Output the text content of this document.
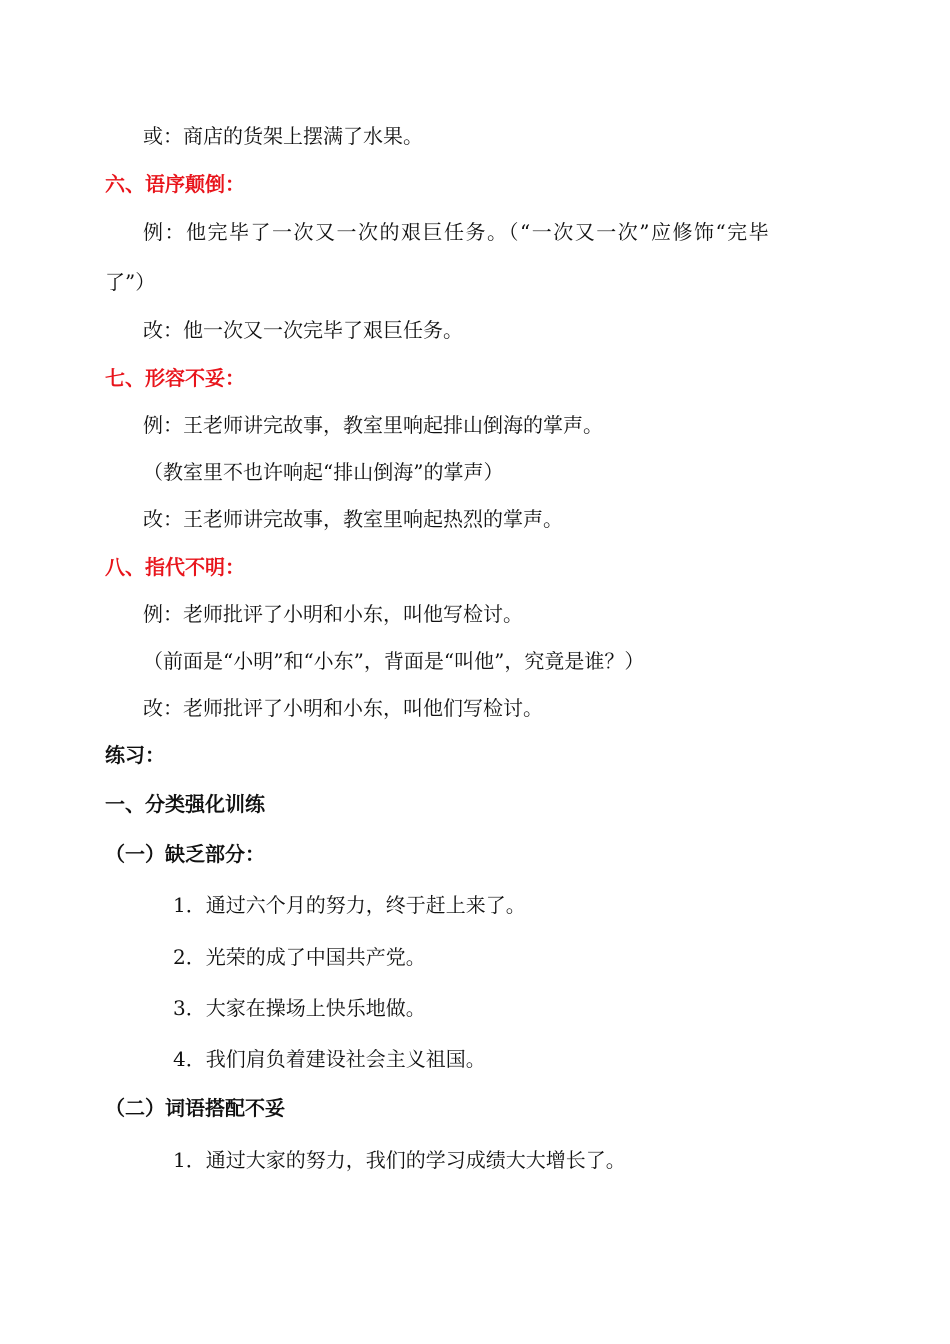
或：商店的货架上摆满了水果。
六、语序颠倒：
例：他完毕了一次又一次的艰巨任务。（“一次又一次”应修饰“完毕
了”）
改：他一次又一次完毕了艰巨任务。
七、形容不妥：
例：王老师讲完故事，教室里响起排山倒海的掌声。
（教室里不也许响起“排山倒海”的掌声）
改：王老师讲完故事，教室里响起热烈的掌声。
八、指代不明：
例：老师批评了小明和小东，叫他写检讨。
（前面是“小明”和“小东”，背面是“叫他”，究竟是谁？）
改：老师批评了小明和小东，叫他们写检讨。
练习：
一、分类强化训练
（一）缺乏部分：
1．通过六个月的努力，终于赶上来了。
2．光荣的成了中国共产党。
3．大家在操场上快乐地做。
4．我们肩负着建设社会主义祖国。
（二）词语搭配不妥
1．通过大家的努力，我们的学习成绩大大增长了。
